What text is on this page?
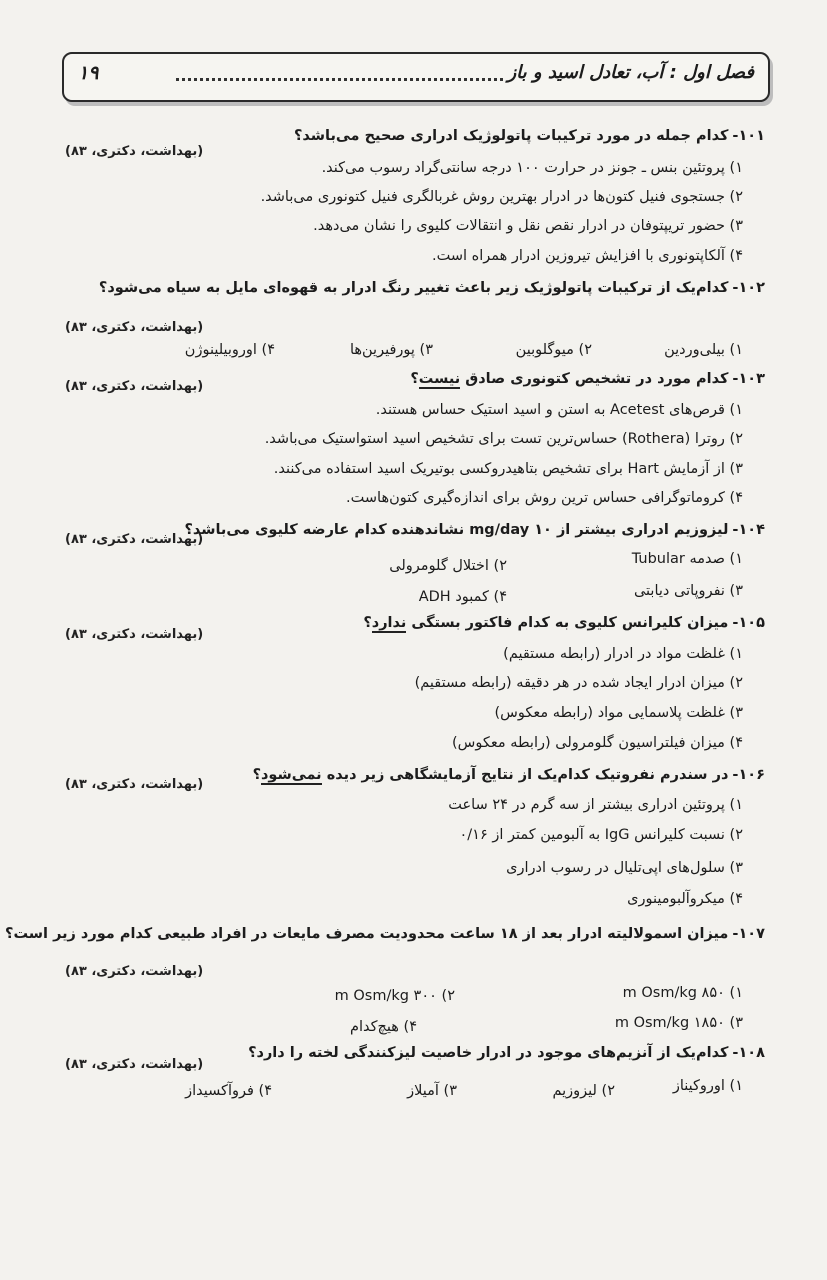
فصل اول : آب، تعادل اسید و باز
۱۹
۱۰۱-کدام جمله در مورد ترکیبات پاتولوژیک ادراری صحیح می‌باشد؟
(بهداشت، دکتری، ۸۳)
۱) پروتئین بنس ـ جونز در حرارت ۱۰۰ درجه سانتی‌گراد رسوب می‌کند.
۲) جستجوی فنیل کتون‌ها در ادرار بهترین روش غربالگری فنیل کتونوری می‌باشد.
۳) حضور تریپتوفان در ادرار نقص نقل و انتقالات کلیوی را نشان می‌دهد.
۴) آلکاپتونوری با افزایش تیروزین ادرار همراه است.
۱۰۲-کدام‌یک از ترکیبات پاتولوژیک زیر باعث تغییر رنگ ادرار به قهوه‌ای مایل به سیاه می‌شود؟
(بهداشت، دکتری، ۸۳)
۱) بیلی‌وردین
۲) میوگلوبین
۳) پورفیرین‌ها
۴) اوروبیلینوژن
۱۰۳-کدام مورد در تشخیص کتونوری صادق نیست؟
(بهداشت، دکتری، ۸۳)
۱) قرص‌های Acetest به استن و اسید استیک حساس هستند.
۲) روترا (Rothera) حساس‌ترین تست برای تشخیص اسید استواستیک می‌باشد.
۳) از آزمایش Hart برای تشخیص بتاهیدروکسی بوتیریک اسید استفاده می‌کنند.
۴) کروماتوگرافی حساس ترین روش برای اندازه‌گیری کتون‌هاست.
۱۰۴-لیزوزیم ادراری بیشتر از mg/day ۱۰ نشاندهنده کدام عارضه کلیوی می‌باشد؟
(بهداشت، دکتری، ۸۳)
۱) صدمه Tubular
۲) اختلال گلومرولی
۳) نفروپاتی دیابتی
۴) کمبود ADH
۱۰۵-میزان کلیرانس کلیوی به کدام فاکتور بستگی ندارد؟
(بهداشت، دکتری، ۸۳)
۱) غلظت مواد در ادرار (رابطه مستقیم)
۲) میزان ادرار ایجاد شده در هر دقیقه (رابطه مستقیم)
۳) غلظت پلاسمایی مواد (رابطه معکوس)
۴) میزان فیلتراسیون گلومرولی (رابطه معکوس)
۱۰۶-در سندرم نفروتیک کدام‌یک از نتایج آزمایشگاهی زیر دیده نمی‌شود؟
(بهداشت، دکتری، ۸۳)
۱) پروتئین ادراری بیشتر از سه گرم در ۲۴ ساعت
۲) نسبت کلیرانس IgG به آلبومین کمتر از ۰/۱۶
۳) سلول‌های اپی‌تلیال در رسوب ادراری
۴) میکروآلبومینوری
۱۰۷-میزان اسمولالیته ادرار بعد از ۱۸ ساعت محدودیت مصرف مایعات در افراد طبیعی کدام مورد زیر است؟
(بهداشت، دکتری، ۸۳)
۱) ۸۵۰ m Osm/kg
۲) ۳۰۰ m Osm/kg
۳) ۱۸۵۰ m Osm/kg
۴) هیچ‌کدام
۱۰۸-کدام‌یک از آنزیم‌های موجود در ادرار خاصیت لیزکنندگی لخته را دارد؟
(بهداشت، دکتری، ۸۳)
۱) اوروکیناز
۲) لیزوزیم
۳) آمیلاز
۴) فروآکسیداز
